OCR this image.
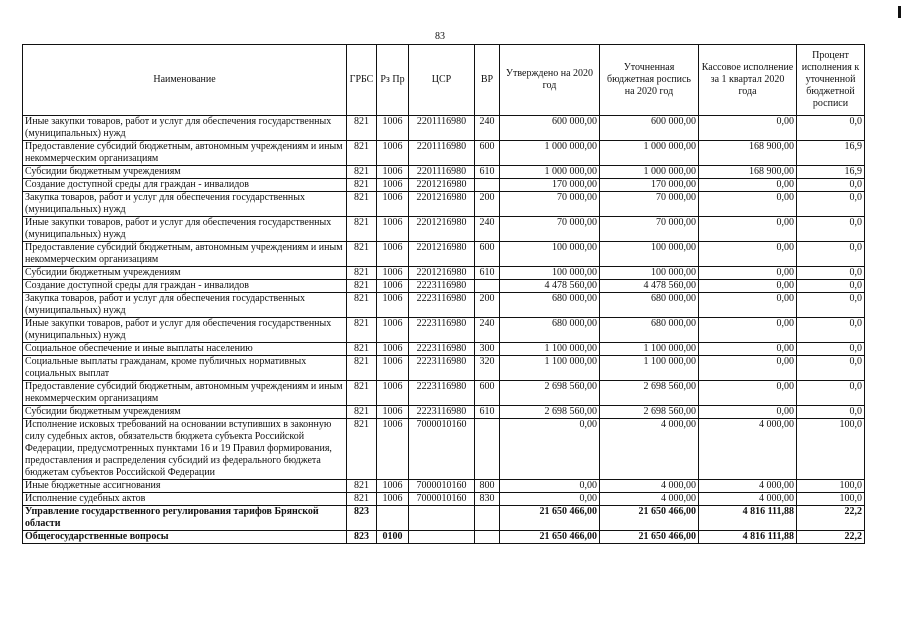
83
Наименование	ГРБС	Рз Пр	ЦСР	ВР	Утверждено на 2020 год	Уточненная бюджетная роспись на 2020 год	Кассовое исполнение за 1 квартал 2020 года	Процент исполнения к уточненной бюджетной росписи
Иные закупки товаров, работ и услуг для обеспечения государственных (муниципальных) нужд	821	1006	2201116980	240	600 000,00	600 000,00	0,00	0,0
Предоставление субсидий бюджетным, автономным учреждениям и иным некоммерческим организациям	821	1006	2201116980	600	1 000 000,00	1 000 000,00	168 900,00	16,9
Субсидии бюджетным учреждениям	821	1006	2201116980	610	1 000 000,00	1 000 000,00	168 900,00	16,9
Создание доступной среды для граждан - инвалидов	821	1006	2201216980		170 000,00	170 000,00	0,00	0,0
Закупка товаров, работ и услуг для обеспечения государственных (муниципальных) нужд	821	1006	2201216980	200	70 000,00	70 000,00	0,00	0,0
Иные закупки товаров, работ и услуг для обеспечения государственных (муниципальных) нужд	821	1006	2201216980	240	70 000,00	70 000,00	0,00	0,0
Предоставление субсидий бюджетным, автономным учреждениям и иным некоммерческим организациям	821	1006	2201216980	600	100 000,00	100 000,00	0,00	0,0
Субсидии бюджетным учреждениям	821	1006	2201216980	610	100 000,00	100 000,00	0,00	0,0
Создание доступной среды для граждан - инвалидов	821	1006	2223116980		4 478 560,00	4 478 560,00	0,00	0,0
Закупка товаров, работ и услуг для обеспечения государственных (муниципальных) нужд	821	1006	2223116980	200	680 000,00	680 000,00	0,00	0,0
Иные закупки товаров, работ и услуг для обеспечения государственных (муниципальных) нужд	821	1006	2223116980	240	680 000,00	680 000,00	0,00	0,0
Социальное обеспечение и иные выплаты населению	821	1006	2223116980	300	1 100 000,00	1 100 000,00	0,00	0,0
Социальные выплаты гражданам, кроме публичных нормативных социальных выплат	821	1006	2223116980	320	1 100 000,00	1 100 000,00	0,00	0,0
Предоставление субсидий бюджетным, автономным учреждениям и иным некоммерческим организациям	821	1006	2223116980	600	2 698 560,00	2 698 560,00	0,00	0,0
Субсидии бюджетным учреждениям	821	1006	2223116980	610	2 698 560,00	2 698 560,00	0,00	0,0
Исполнение исковых требований на основании вступивших в законную силу судебных актов, обязательств бюджета субъекта Российской Федерации, предусмотренных пунктами 16 и 19 Правил формирования, предоставления и распределения субсидий из федерального бюджета бюджетам субъектов Российской Федерации	821	1006	7000010160		0,00	4 000,00	4 000,00	100,0
Иные бюджетные ассигнования	821	1006	7000010160	800	0,00	4 000,00	4 000,00	100,0
Исполнение судебных актов	821	1006	7000010160	830	0,00	4 000,00	4 000,00	100,0
Управление государственного регулирования тарифов Брянской области	823				21 650 466,00	21 650 466,00	4 816 111,88	22,2
Общегосударственные вопросы	823	0100			21 650 466,00	21 650 466,00	4 816 111,88	22,2
